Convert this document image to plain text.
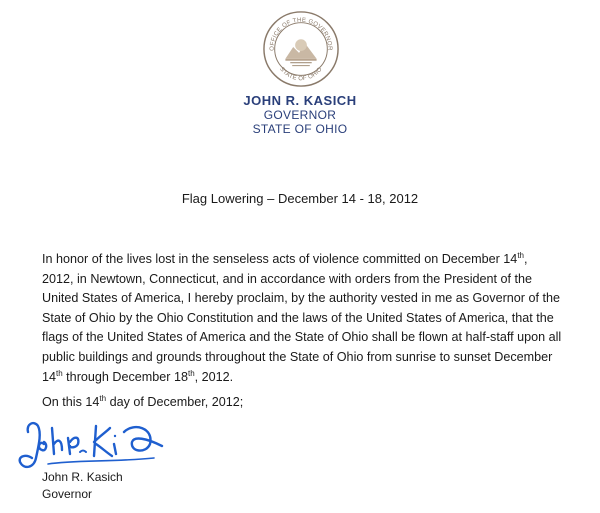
OFFICE OF THE GOVERNOR
STATE OF OHIO
JOHN R. KASICH
GOVERNOR
STATE OF OHIO
Flag Lowering – December 14 - 18, 2012
In honor of the lives lost in the senseless acts of violence committed on December 14th, 2012, in Newtown, Connecticut, and in accordance with orders from the President of the United States of America, I hereby proclaim, by the authority vested in me as Governor of the State of Ohio by the Ohio Constitution and the laws of the United States of America, that the flags of the United States of America and the State of Ohio shall be flown at half-staff upon all public buildings and grounds throughout the State of Ohio from sunrise to sunset December 14th through December 18th, 2012.
On this 14th day of December, 2012;
John R. Kasich
Governor
